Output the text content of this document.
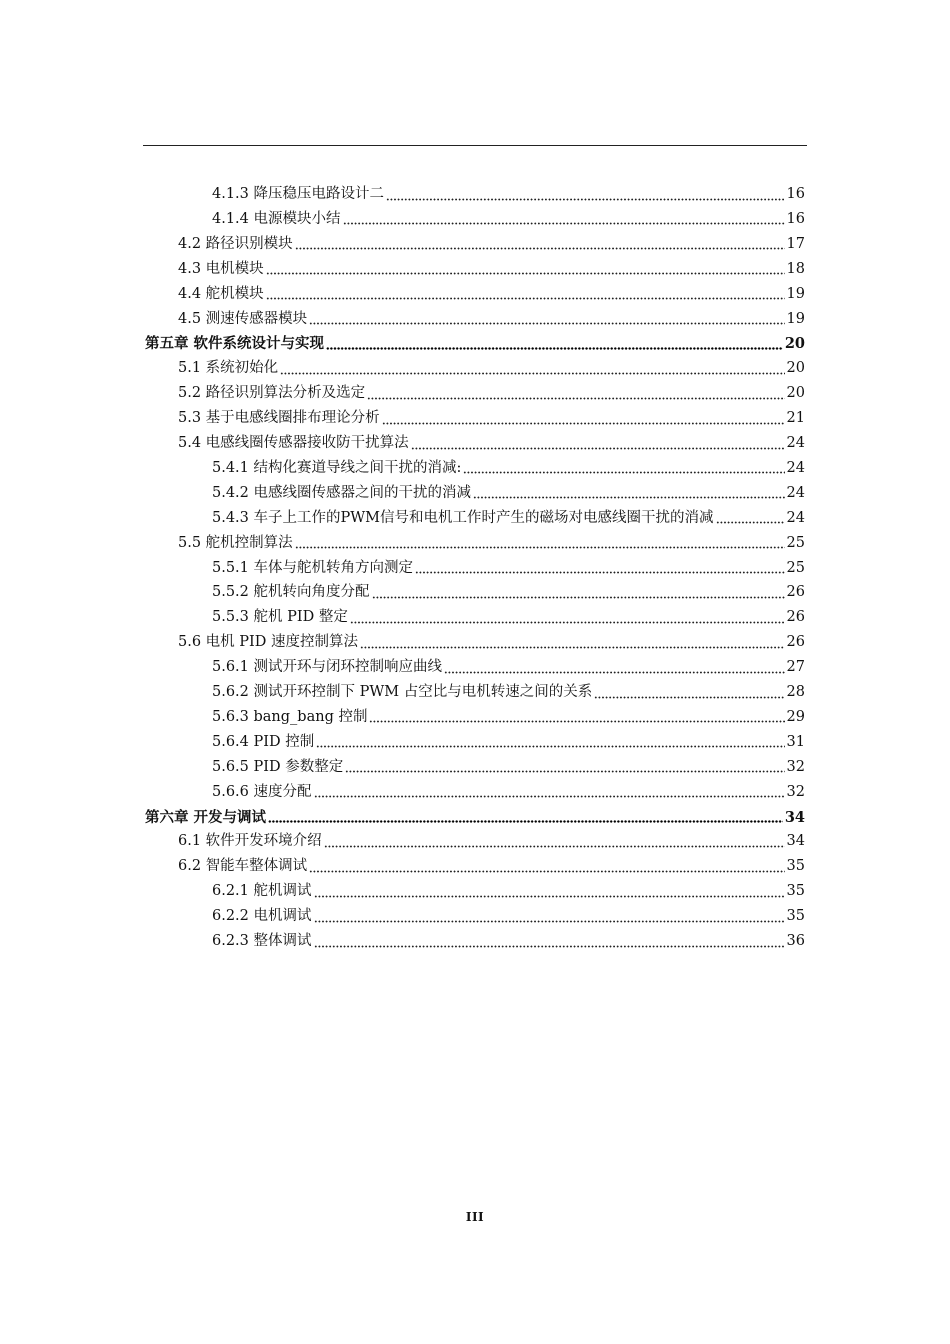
4.1.3 降压稳压电路设计二	16
4.1.4 电源模块小结	16
4.2 路径识别模块	17
4.3 电机模块	18
4.4 舵机模块	19
4.5 测速传感器模块	19
第五章 软件系统设计与实现	20
5.1 系统初始化	20
5.2 路径识别算法分析及选定	20
5.3 基于电感线圈排布理论分析	21
5.4 电感线圈传感器接收防干扰算法	24
5.4.1 结构化赛道导线之间干扰的消减:	24
5.4.2 电感线圈传感器之间的干扰的消减	24
5.4.3 车子上工作的PWM信号和电机工作时产生的磁场对电感线圈干扰的消减	24
5.5 舵机控制算法	25
5.5.1 车体与舵机转角方向测定	25
5.5.2 舵机转向角度分配	26
5.5.3 舵机 PID 整定	26
5.6 电机 PID 速度控制算法	26
5.6.1 测试开环与闭环控制响应曲线	27
5.6.2 测试开环控制下 PWM 占空比与电机转速之间的关系	28
5.6.3 bang_bang 控制	29
5.6.4 PID 控制	31
5.6.5 PID 参数整定	32
5.6.6 速度分配	32
第六章 开发与调试	34
6.1 软件开发环境介绍	34
6.2 智能车整体调试	35
6.2.1 舵机调试	35
6.2.2 电机调试	35
6.2.3 整体调试	36
III
